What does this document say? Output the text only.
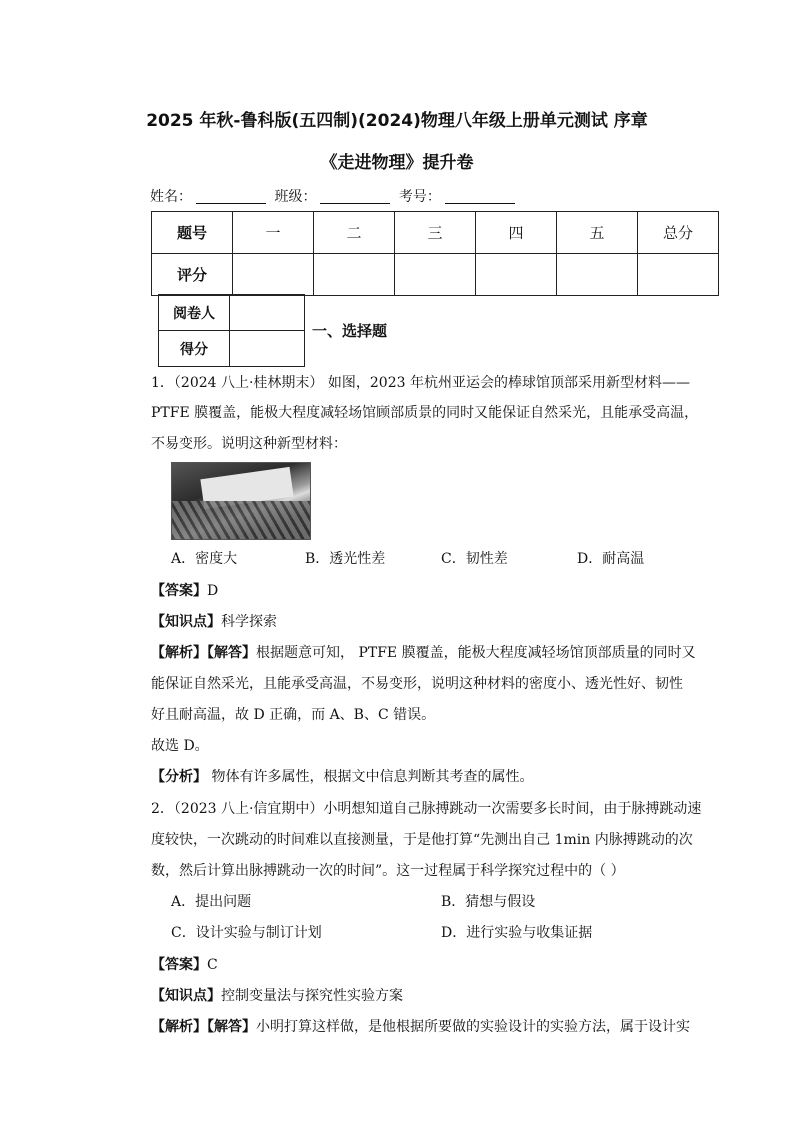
2025 年秋-鲁科版(五四制)(2024)物理八年级上册单元测试 序章
《走进物理》提升卷
姓名：	班级：	考号：
题号	一	二	三	四	五	总分
评分						
阅卷人	
得分	
一、选择题
1．（2024 八上·桂林期末） 如图，2023 年杭州亚运会的棒球馆顶部采用新型材料——
PTFE 膜覆盖，能极大程度减轻场馆顾部质景的同时又能保证自然采光，且能承受高温，
不易变形。说明这种新型材料：
A．密度大	B．透光性差	C．韧性差	D．耐高温
【答案】D
【知识点】科学探索
【解析】【解答】根据题意可知， PTFE 膜覆盖，能极大程度减轻场馆顶部质量的同时又
能保证自然采光，且能承受高温，不易变形，说明这种材料的密度小、透光性好、韧性
好且耐高温，故 D 正确，而 A、B、C 错误。
故选 D。
【分析】 物体有许多属性，根据文中信息判断其考查的属性。
2．（2023 八上·信宜期中）小明想知道自己脉搏跳动一次需要多长时间，由于脉搏跳动速
度较快，一次跳动的时间难以直接测量，于是他打算“先测出自己 1min 内脉搏跳动的次
数，然后计算出脉搏跳动一次的时间”。这一过程属于科学探究过程中的（ ）
A．提出问题	B．猜想与假设
C．设计实验与制订计划	D．进行实验与收集证据
【答案】C
【知识点】控制变量法与探究性实验方案
【解析】【解答】小明打算这样做，是他根据所要做的实验设计的实验方法，属于设计实
